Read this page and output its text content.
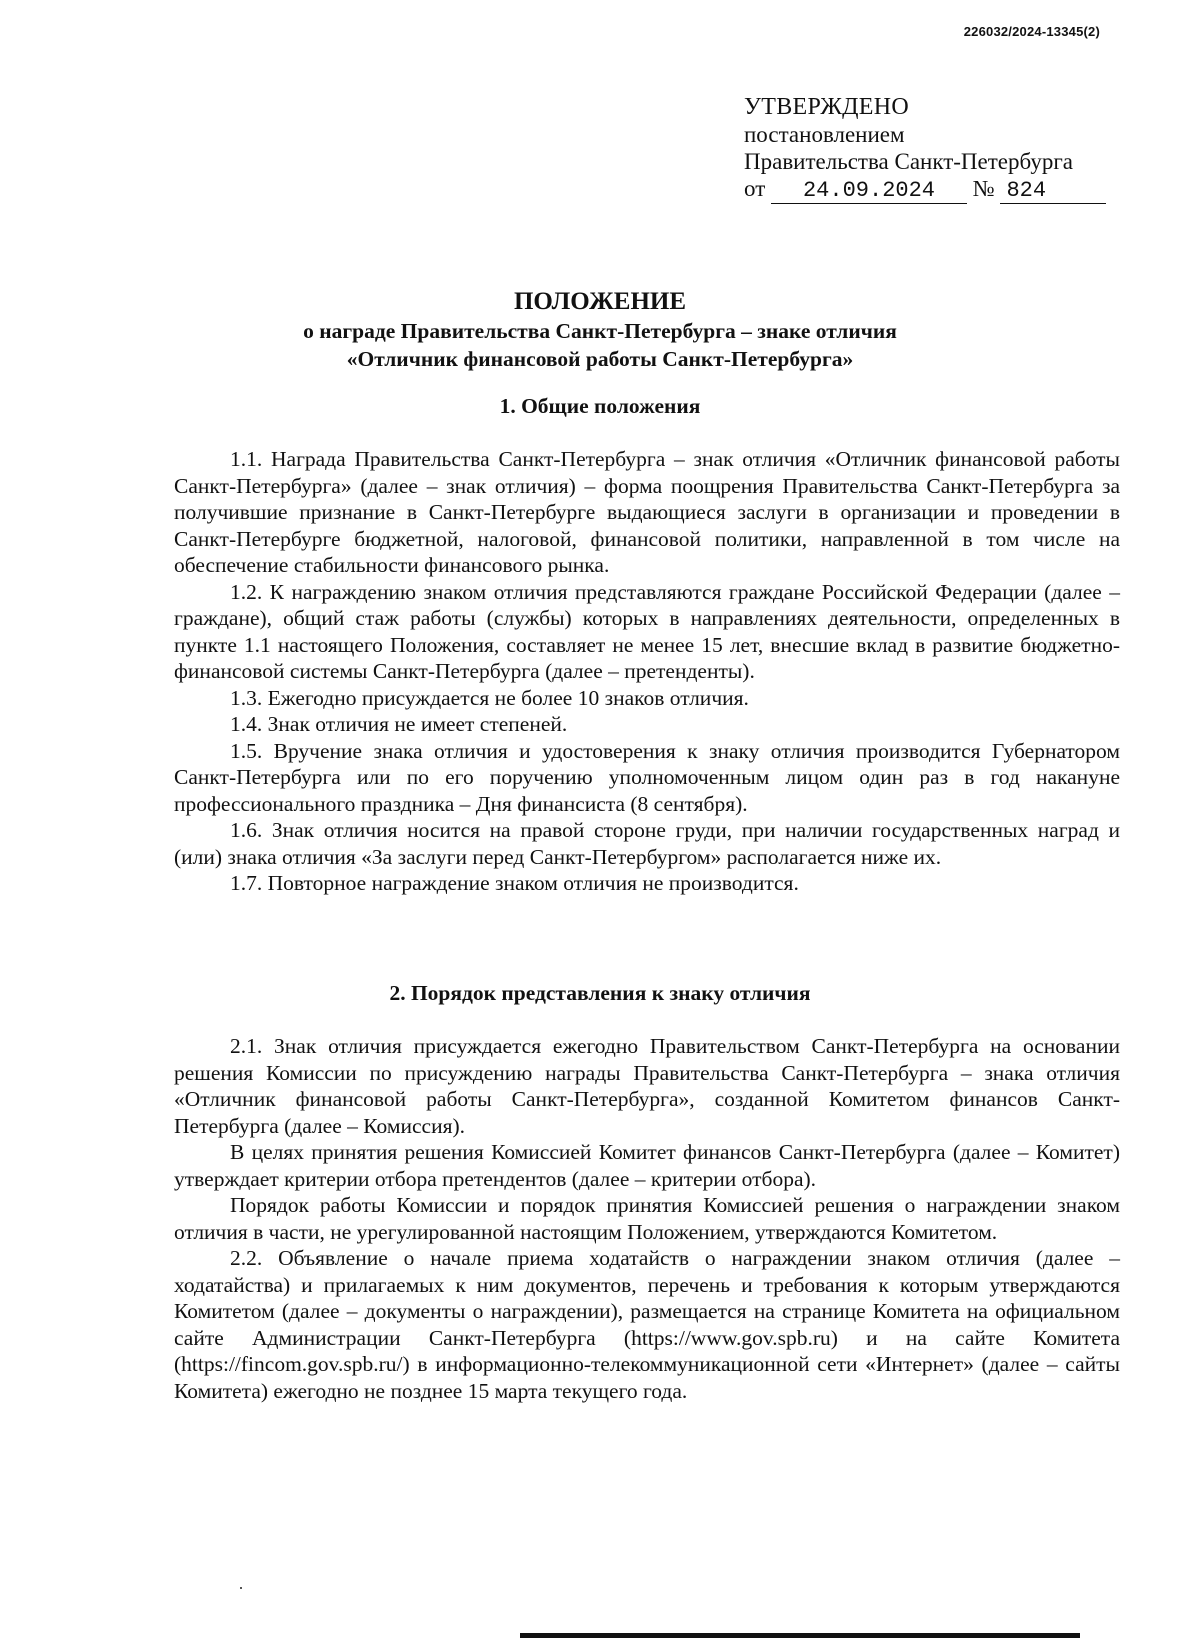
226032/2024-13345(2)
УТВЕРЖДЕНО
постановлением
Правительства Санкт-Петербурга
от 24.09.2024 № 824
ПОЛОЖЕНИЕ
о награде Правительства Санкт-Петербурга – знаке отличия
«Отличник финансовой работы Санкт-Петербурга»
1. Общие положения

1.1. Награда Правительства Санкт-Петербурга – знак отличия «Отличник финансовой работы Санкт-Петербурга» (далее – знак отличия) – форма поощрения Правительства Санкт-Петербурга за получившие признание в Санкт-Петербурге выдающиеся заслуги в организации и проведении в Санкт-Петербурге бюджетной, налоговой, финансовой политики, направленной в том числе на обеспечение стабильности финансового рынка.

1.2. К награждению знаком отличия представляются граждане Российской Федерации (далее – граждане), общий стаж работы (службы) которых в направлениях деятельности, определенных в пункте 1.1 настоящего Положения, составляет не менее 15 лет, внесшие вклад в развитие бюджетно-финансовой системы Санкт-Петербурга (далее – претенденты).

1.3. Ежегодно присуждается не более 10 знаков отличия.

1.4. Знак отличия не имеет степеней.

1.5. Вручение знака отличия и удостоверения к знаку отличия производится Губернатором Санкт-Петербурга или по его поручению уполномоченным лицом один раз в год накануне профессионального праздника – Дня финансиста (8 сентября).

1.6. Знак отличия носится на правой стороне груди, при наличии государственных наград и (или) знака отличия «За заслуги перед Санкт-Петербургом» располагается ниже их.

1.7. Повторное награждение знаком отличия не производится.

2. Порядок представления к знаку отличия

2.1. Знак отличия присуждается ежегодно Правительством Санкт-Петербурга на основании решения Комиссии по присуждению награды Правительства Санкт-Петербурга – знака отличия «Отличник финансовой работы Санкт-Петербурга», созданной Комитетом финансов Санкт-Петербурга (далее – Комиссия).

В целях принятия решения Комиссией Комитет финансов Санкт-Петербурга (далее – Комитет) утверждает критерии отбора претендентов (далее – критерии отбора).

Порядок работы Комиссии и порядок принятия Комиссией решения о награждении знаком отличия в части, не урегулированной настоящим Положением, утверждаются Комитетом.

2.2. Объявление о начале приема ходатайств о награждении знаком отличия (далее – ходатайства) и прилагаемых к ним документов, перечень и требования к которым утверждаются Комитетом (далее – документы о награждении), размещается на странице Комитета на официальном сайте Администрации Санкт-Петербурга (https://www.gov.spb.ru) и на сайте Комитета (https://fincom.gov.spb.ru/) в информационно-телекоммуникационной сети «Интернет» (далее – сайты Комитета) ежегодно не позднее 15 марта текущего года.
